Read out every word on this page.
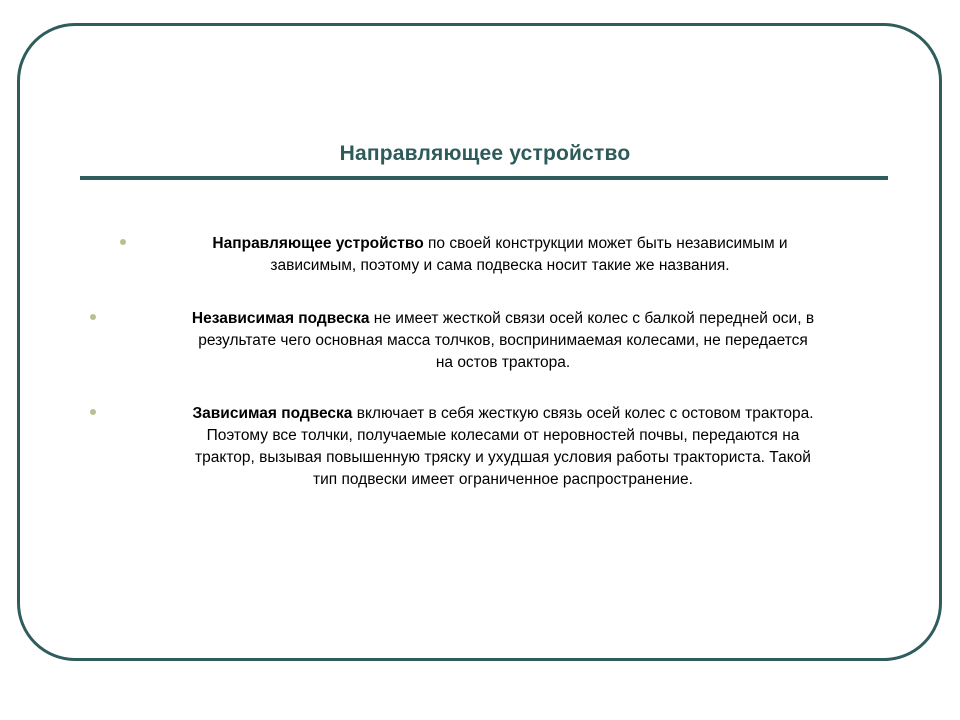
Направляющее устройство
Направляющее устройство по своей конструкции может быть независимым и
зависимым, поэтому и сама подвеска носит такие же названия.
Независимая подвеска не имеет жесткой связи осей колес с балкой передней оси, в
результате чего основная масса толчков, воспринимаемая колесами, не передается
на остов трактора.
Зависимая подвеска включает в себя жесткую связь осей колес с остовом трактора.
Поэтому все толчки, получаемые колесами от неровностей почвы, передаются на
трактор, вызывая повышенную тряску и ухудшая условия работы тракториста. Такой
тип подвески имеет ограниченное распространение.
